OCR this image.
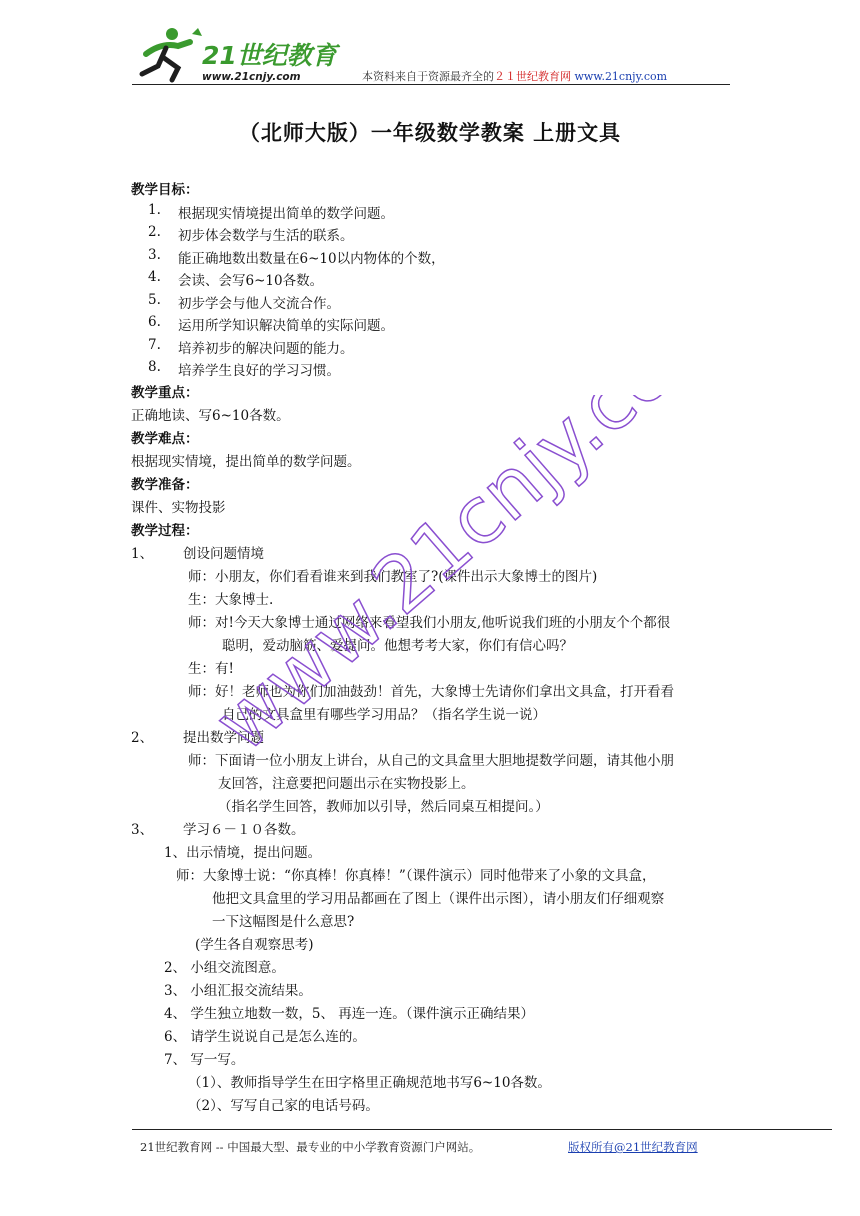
21世纪教育
www.21cnjy.com	本资料来自于资源最齐全的２１世纪教育网 www.21cnjy.com
（北师大版）一年级数学教案 上册文具
教学目标：
1. 根据现实情境提出简单的数学问题。
2. 初步体会数学与生活的联系。
3. 能正确地数出数量在6~10以内物体的个数，
4. 会读、会写6~10各数。
5. 初步学会与他人交流合作。
6. 运用所学知识解决简单的实际问题。
7. 培养初步的解决问题的能力。
8. 培养学生良好的学习习惯。
教学重点：
正确地读、写6~10各数。
教学难点：
根据现实情境，提出简单的数学问题。
教学准备：
课件、实物投影
教学过程：
1、 创设问题情境
师：小朋友，你们看看谁来到我们教室了?(课件出示大象博士的图片)
生：大象博士.
师：对!今天大象博士通过网络来看望我们小朋友,他听说我们班的小朋友个个都很
聪明，爱动脑筋、爱提问。他想考考大家，你们有信心吗？
生：有!
师：好！老师也为你们加油鼓劲！首先，大象博士先请你们拿出文具盒，打开看看
自己的文具盒里有哪些学习用品？（指名学生说一说）
2、 提出数学问题
师：下面请一位小朋友上讲台，从自己的文具盒里大胆地提数学问题，请其他小朋
友回答，注意要把问题出示在实物投影上。
（指名学生回答，教师加以引导，然后同桌互相提问。）
3、 学习６－１０各数。
1、出示情境，提出问题。
师：大象博士说：“你真棒！你真棒！”（课件演示）同时他带来了小象的文具盒，
他把文具盒里的学习用品都画在了图上（课件出示图），请小朋友们仔细观察
一下这幅图是什么意思?
(学生各自观察思考)
2、 小组交流图意。
3、 小组汇报交流结果。
4、 学生独立地数一数，5、 再连一连。（课件演示正确结果）
6、 请学生说说自己是怎么连的。
7、 写一写。
（1）、教师指导学生在田字格里正确规范地书写6~10各数。
（2）、写写自己家的电话号码。
www.21cnjy.com
21世纪教育网 -- 中国最大型、最专业的中小学教育资源门户网站。	版权所有@21世纪教育网
